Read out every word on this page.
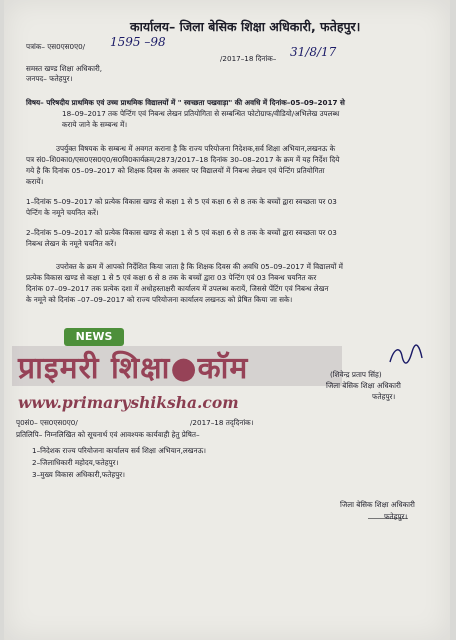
कार्यालय– जिला बेसिक शिक्षा अधिकारी, फतेहपुर।
पत्रांक– एस0एस0ए0/ 1595 –98
/2017–18 दिनांक– 31/8/17
समस्त खण्ड शिक्षा अधिकारी,
जनपद– फतेहपुर।
विषय– परिषदीय प्राथमिक एवं उच्च प्राथमिक विद्यालयों में " स्वच्छता पखवाड़ा" की अवधि में दिनांक–05–09–2017 से
18–09–2017 तक पेन्टिंग एवं निबन्ध लेखन प्रतियोगिता से सम्बन्धित फोटोग्राफ/वीडियो/अभिलेख उपलब्ध
कराये जाने के सम्बन्ध में।
उपर्युक्त विषयक के सम्बन्ध में अवगत कराना है कि राज्य परियोजना निदेशक,सर्व शिक्षा अभियान,लखनऊ के
पत्र सं0–शि0का0/एस0एस0ए0/स0वि0कार्यक्रम/2873/2017–18 दिनांक 30–08–2017 के क्रम में यह निर्देश दिये
गये है कि दिनांक 05–09–2017 को शिक्षक दिवस के अवसर पर विद्यालयों में निबन्ध लेखन एवं पेन्टिंग प्रतियोगिता
करायें।
1–दिनांक 5–09–2017 को प्रत्येक विकास खण्ड से कक्षा 1 से 5 एवं कक्षा 6 से 8 तक के बच्चों द्वारा स्वच्छता पर 03
पेन्टिंग के नमूने चयनित करें।
2–दिनांक 5–09–2017 को प्रत्येक विकास खण्ड से कक्षा 1 से 5 एवं कक्षा 6 से 8 तक के बच्चों द्वारा स्वच्छता पर 03
निबन्ध लेखन के नमूने चयनित करें।
उपरोक्त के क्रम में आपको निर्देशित किया जाता है कि शिक्षक दिवस की अवधि 05–09–2017 में विद्यालयों में
प्रत्येक विकास खण्ड से कक्षा 1 से 5 एवं कक्षा 6 से 8 तक के बच्चों द्वारा 03 पेन्टिंग एवं 03 निबन्ध चयनित कर
दिनांक 07–09–2017 तक प्रत्येक दशा में अधोहस्ताक्षरी कार्यालय में उपलब्ध करायें, जिससे पेंटिंग एवं निबन्ध लेखन
के नमूने को दिनांक –07–09–2017 को राज्य परियोजना कार्यालय लखनऊ को प्रेषित किया जा सके।
NEWS
प्राइमरी शिक्षा●कॉम
www.primaryshiksha.com
(शिवेन्द्र प्रताप सिंह)
जिला बेसिक शिक्षा अधिकारी
फतेहपुर।
पृ0सं0– एस0एस0ए0/	/2017–18 तद्‌दिनांक।
प्रतिलिपि– निम्नलिखित को सूचनार्थ एवं आवश्यक कार्यवाही हेतु प्रेषित–
1–निदेशक राज्य परियोजना कार्यालय सर्व शिक्षा अभियान,लखनऊ।
2–जिलाधिकारी महोदय,फतेहपुर।
3–मुख्य विकास अधिकारी,फतेहपुर।
जिला बेसिक शिक्षा अधिकारी
फतेहपुर।
